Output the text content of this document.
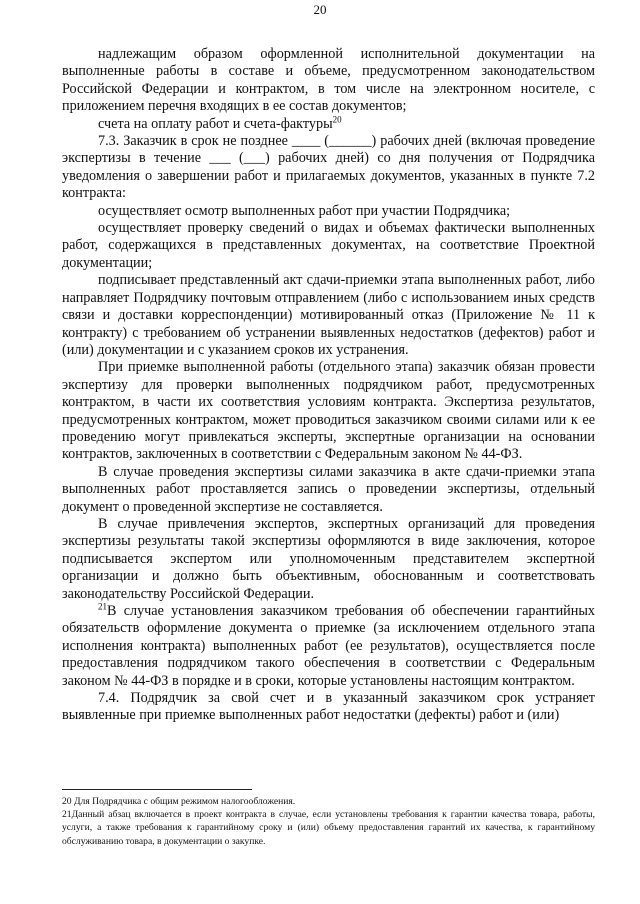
20

надлежащим образом оформленной исполнительной документации на выполненные работы в составе и объеме, предусмотренном законодательством Российской Федерации и контрактом, в том числе на электронном носителе, с приложением перечня входящих в ее состав документов;

счета на оплату работ и счета-фактуры$^{20}$

7.3. Заказчик в срок не позднее ____ (______) рабочих дней (включая проведение экспертизы в течение ___ (___) рабочих дней) со дня получения от Подрядчика уведомления о завершении работ и прилагаемых документов, указанных в пункте 7.2 контракта:

осуществляет осмотр выполненных работ при участии Подрядчика;

осуществляет проверку сведений о видах и объемах фактически выполненных работ, содержащихся в представленных документах, на соответствие Проектной документации;

подписывает представленный акт сдачи-приемки этапа выполненных работ, либо направляет Подрядчику почтовым отправлением (либо с использованием иных средств связи и доставки корреспонденции) мотивированный отказ (Приложение № 11 к контракту) с требованием об устранении выявленных недостатков (дефектов) работ и (или) документации и с указанием сроков их устранения.

При приемке выполненной работы (отдельного этапа) заказчик обязан провести экспертизу для проверки выполненных подрядчиком работ, предусмотренных контрактом, в части их соответствия условиям контракта. Экспертиза результатов, предусмотренных контрактом, может проводиться заказчиком своими силами или к ее проведению могут привлекаться эксперты, экспертные организации на основании контрактов, заключенных в соответствии с Федеральным законом № 44-ФЗ.

В случае проведения экспертизы силами заказчика в акте сдачи-приемки этапа выполненных работ проставляется запись о проведении экспертизы, отдельный документ о проведенной экспертизе не составляется.

В случае привлечения экспертов, экспертных организаций для проведения экспертизы результаты такой экспертизы оформляются в виде заключения, которое подписывается экспертом или уполномоченным представителем экспертной организации и должно быть объективным, обоснованным и соответствовать законодательству Российской Федерации.

$^{21}$В случае установления заказчиком требования об обеспечении гарантийных обязательств оформление документа о приемке (за исключением отдельного этапа исполнения контракта) выполненных работ (ее результатов), осуществляется после предоставления подрядчиком такого обеспечения в соответствии с Федеральным законом № 44-ФЗ в порядке и в сроки, которые установлены настоящим контрактом.

7.4. Подрядчик за свой счет и в указанный заказчиком срок устраняет выявленные при приемке выполненных работ недостатки (дефекты) работ и (или)

20 Для Подрядчика с общим режимом налогообложения.

21Данный абзац включается в проект контракта в случае, если установлены требования к гарантии качества товара, работы, услуги, а также требования к гарантийному сроку и (или) объему предоставления гарантий их качества, к гарантийному обслуживанию товара, в документации о закупке.
